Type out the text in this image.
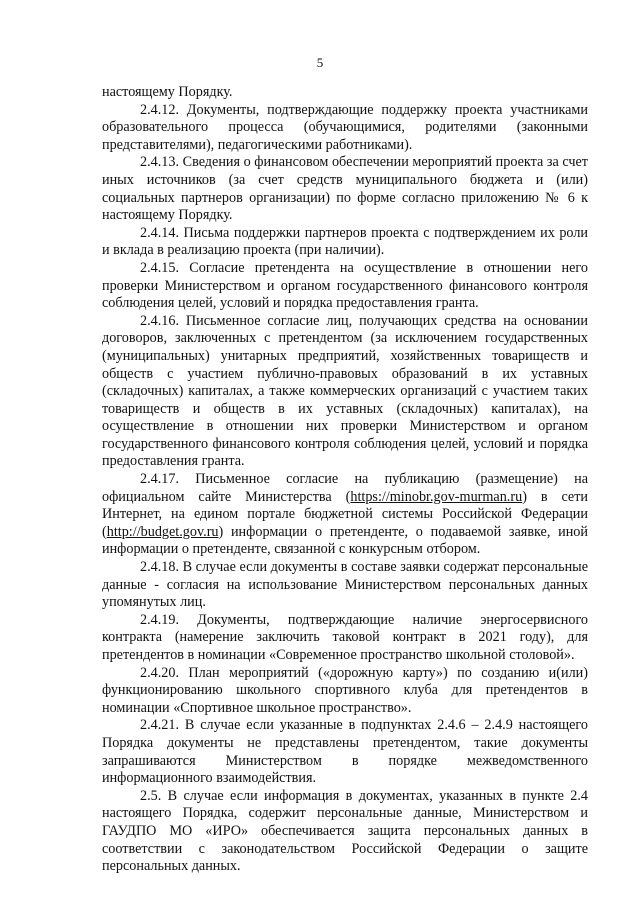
5

настоящему Порядку.

2.4.12. Документы, подтверждающие поддержку проекта участниками образовательного процесса (обучающимися, родителями (законными представителями), педагогическими работниками).

2.4.13. Сведения о финансовом обеспечении мероприятий проекта за счет иных источников (за счет средств муниципального бюджета и (или) социальных партнеров организации) по форме согласно приложению № 6 к настоящему Порядку.

2.4.14. Письма поддержки партнеров проекта с подтверждением их роли и вклада в реализацию проекта (при наличии).

2.4.15. Согласие претендента на осуществление в отношении него проверки Министерством и органом государственного финансового контроля соблюдения целей, условий и порядка предоставления гранта.

2.4.16. Письменное согласие лиц, получающих средства на основании договоров, заключенных с претендентом (за исключением государственных (муниципальных) унитарных предприятий, хозяйственных товариществ и обществ с участием публично-правовых образований в их уставных (складочных) капиталах, а также коммерческих организаций с участием таких товариществ и обществ в их уставных (складочных) капиталах), на осуществление в отношении них проверки Министерством и органом государственного финансового контроля соблюдения целей, условий и порядка предоставления гранта.

2.4.17. Письменное согласие на публикацию (размещение) на официальном сайте Министерства (https://minobr.gov-murman.ru) в сети Интернет, на едином портале бюджетной системы Российской Федерации (http://budget.gov.ru) информации о претенденте, о подаваемой заявке, иной информации о претенденте, связанной с конкурсным отбором.

2.4.18. В случае если документы в составе заявки содержат персональные данные - согласия на использование Министерством персональных данных упомянутых лиц.

2.4.19. Документы, подтверждающие наличие энергосервисного контракта (намерение заключить таковой контракт в 2021 году), для претендентов в номинации «Современное пространство школьной столовой».

2.4.20. План мероприятий («дорожную карту») по созданию и(или) функционированию школьного спортивного клуба для претендентов в номинации «Спортивное школьное пространство».

2.4.21. В случае если указанные в подпунктах 2.4.6 – 2.4.9 настоящего Порядка документы не представлены претендентом, такие документы запрашиваются Министерством в порядке межведомственного информационного взаимодействия.

2.5. В случае если информация в документах, указанных в пункте 2.4 настоящего Порядка, содержит персональные данные, Министерством и ГАУДПО МО «ИРО» обеспечивается защита персональных данных в соответствии с законодательством Российской Федерации о защите персональных данных.
